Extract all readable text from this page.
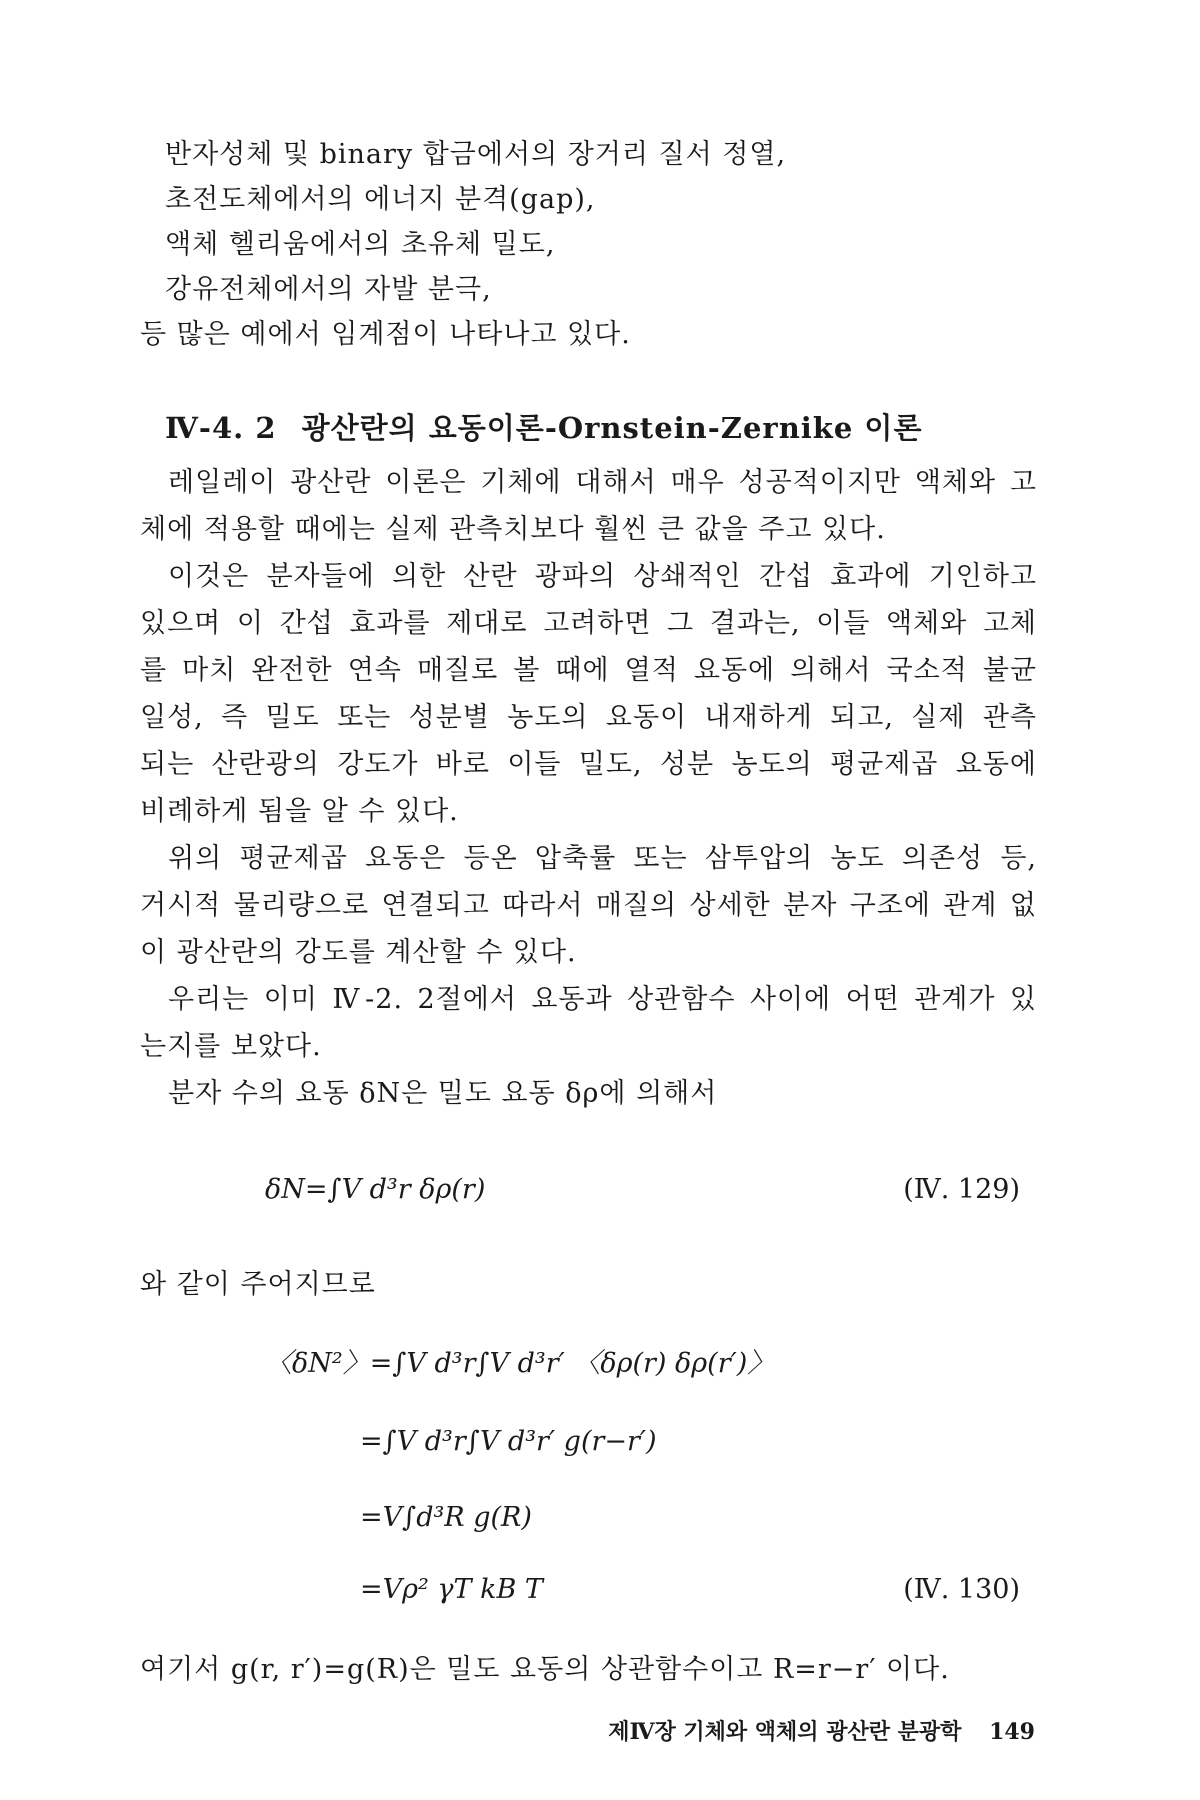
반자성체 및 binary 합금에서의 장거리 질서 정열,
초전도체에서의 에너지 분격(gap),
액체 헬리움에서의 초유체 밀도,
강유전체에서의 자발 분극,
등 많은 예에서 임계점이 나타나고 있다.
Ⅳ-4. 2 광산란의 요동이론-Ornstein-Zernike 이론
레일레이 광산란 이론은 기체에 대해서 매우 성공적이지만 액체와 고
체에 적용할 때에는 실제 관측치보다 훨씬 큰 값을 주고 있다.
이것은 분자들에 의한 산란 광파의 상쇄적인 간섭 효과에 기인하고
있으며 이 간섭 효과를 제대로 고려하면 그 결과는, 이들 액체와 고체
를 마치 완전한 연속 매질로 볼 때에 열적 요동에 의해서 국소적 불균
일성, 즉 밀도 또는 성분별 농도의 요동이 내재하게 되고, 실제 관측
되는 산란광의 강도가 바로 이들 밀도, 성분 농도의 평균제곱 요동에
비례하게 됨을 알 수 있다.
위의 평균제곱 요동은 등온 압축률 또는 삼투압의 농도 의존성 등,
거시적 물리량으로 연결되고 따라서 매질의 상세한 분자 구조에 관계 없
이 광산란의 강도를 계산할 수 있다.
우리는 이미 Ⅳ-2. 2절에서 요동과 상관함수 사이에 어떤 관계가 있
는지를 보았다.
분자 수의 요동 δN은 밀도 요동 δρ에 의해서
δN=∫V d³r δρ(r)	(Ⅳ. 129)
와 같이 주어지므로
〈δN²〉=∫V d³r∫V d³r′ 〈δρ(r) δρ(r′)〉
=∫V d³r∫V d³r′ g(r−r′)
=V∫d³R g(R)
=Vρ² γT kB T	(Ⅳ. 130)
여기서 g(r, r′)=g(R)은 밀도 요동의 상관함수이고 R=r−r′ 이다.
제Ⅳ장 기체와 액체의 광산란 분광학 149
